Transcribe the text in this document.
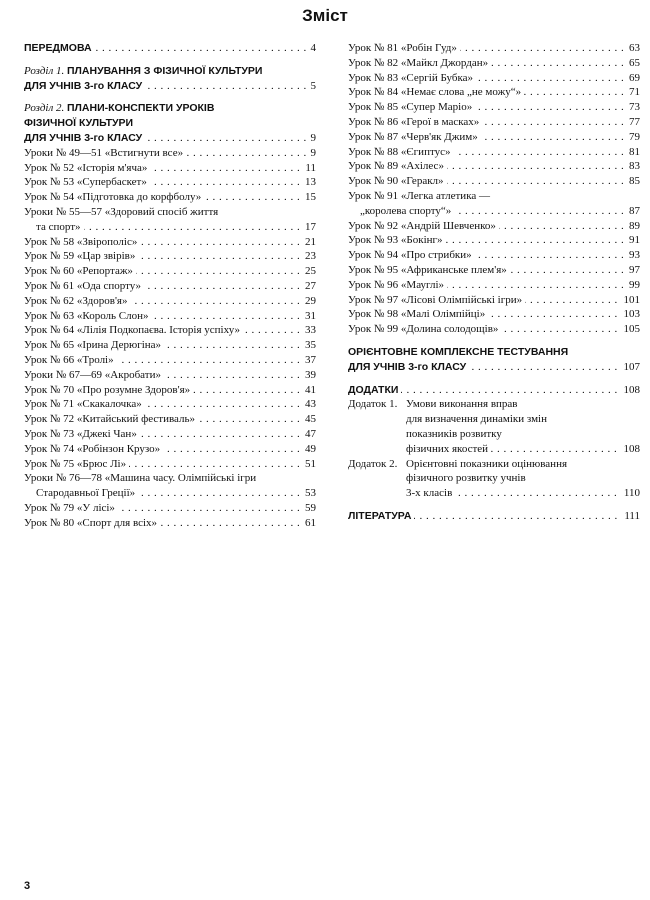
Зміст
. . .
ПЕРЕДМОВА	4
Розділ 1. ПЛАНУВАННЯ З ФІЗИЧНОЇ КУЛЬТУРИ
. . .
ДЛЯ УЧНІВ 3-го КЛАСУ	5
Розділ 2. ПЛАНИ-КОНСПЕКТИ УРОКІВ
ФІЗИЧНОЇ КУЛЬТУРИ
. . .
ДЛЯ УЧНІВ 3-го КЛАСУ	9
. . .
Уроки № 49—51 «Встигнути все»	9
. . .
Урок № 52 «Історія м'яча»	11
. . .
Урок № 53 «Супербаскет»	13
. . .
Урок № 54 «Підготовка до корфболу»	15
Уроки № 55—57 «Здоровий спосіб життя
. . .
та спорт»	17
. . .
Урок № 58 «Звірополіс»	21
. . .
Урок № 59 «Цар звірів»	23
. . .
Урок № 60 «Репортаж»	25
. . .
Урок № 61 «Ода спорту»	27
. . .
Урок № 62 «Здоров'я»	29
. . .
Урок № 63 «Король Слон»	31
. . .
Урок № 64 «Лілія Подкопаєва. Історія успіху»	33
. . .
Урок № 65 «Ірина Дерюгіна»	35
. . .
Урок № 66 «Тролі»	37
. . .
Уроки № 67—69 «Акробати»	39
. . .
Урок № 70 «Про розумне Здоров'я»	41
. . .
Урок № 71 «Скакалочка»	43
. . .
Урок № 72 «Китайський фестиваль»	45
. . .
Урок № 73 «Джекі Чан»	47
. . .
Урок № 74 «Робінзон Крузо»	49
. . .
Урок № 75 «Брюс Лі»	51
Уроки № 76—78 «Машина часу. Олімпійські ігри
. . .
Стародавньої Греції»	53
. . .
Урок № 79 «У лісі»	59
. . .
Урок № 80 «Спорт для всіх»	61
. . .
Урок № 81 «Робін Гуд»	63
. . .
Урок № 82 «Майкл Джордан»	65
. . .
Урок № 83 «Сергій Бубка»	69
. . .
Урок № 84 «Немає слова „не можу“»	71
. . .
Урок № 85 «Супер Маріо»	73
. . .
Урок № 86 «Герої в масках»	77
. . .
Урок № 87 «Черв'як Джим»	79
. . .
Урок № 88 «Єгиптус»	81
. . .
Урок № 89 «Ахілес»	83
. . .
Урок № 90 «Геракл»	85
Урок № 91 «Легка атлетика —
. . .
„королева спорту“»	87
. . .
Урок № 92 «Андрій Шевченко»	89
. . .
Урок № 93 «Бокінг»	91
. . .
Урок № 94 «Про стрибки»	93
. . .
Урок № 95 «Африканське плем'я»	97
. . .
Урок № 96 «Мауглі»	99
. . .
Урок № 97 «Лісові Олімпійські ігри»	101
. . .
Урок № 98 «Малі Олімпійці»	103
. . .
Урок № 99 «Долина солодощів»	105
ОРІЄНТОВНЕ КОМПЛЕКСНЕ ТЕСТУВАННЯ
. . .
ДЛЯ УЧНІВ 3-го КЛАСУ	107
. . .
ДОДАТКИ	108
Додаток 1. Умови виконання вправ
для визначення динаміки змін
показників розвитку
. . .
фізичних якостей	108
Додаток 2. Орієнтовні показники оцінювання
фізичного розвитку учнів
. . .
3-х класів	110
. . .
ЛІТЕРАТУРА	111
3
